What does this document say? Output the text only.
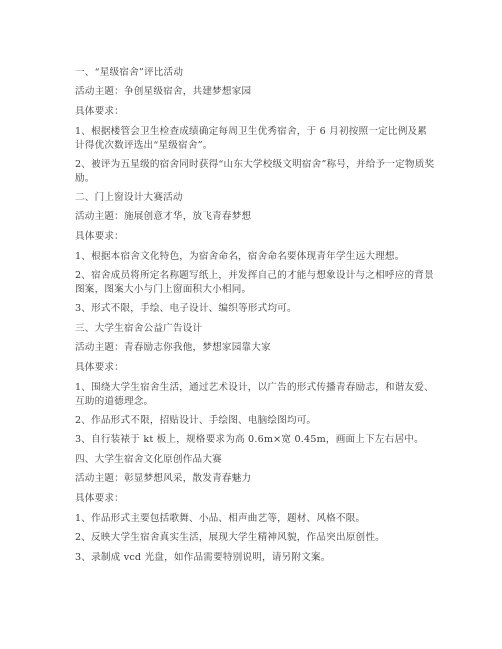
一、“星级宿舍”评比活动
活动主题：争创星级宿舍，共建梦想家园
具体要求：
1、根据楼管会卫生检查成绩确定每周卫生优秀宿舍，于 6 月初按照一定比例及累计得优次数评选出“星级宿舍”。
2、被评为五星级的宿舍同时获得“山东大学校级文明宿舍”称号，并给予一定物质奖励。
二、门上窗设计大赛活动
活动主题：施展创意才华，放飞青春梦想
具体要求：
1、根据本宿舍文化特色，为宿舍命名，宿舍命名要体现青年学生远大理想。
2、宿舍成员将所定名称题写纸上，并发挥自己的才能与想象设计与之相呼应的背景图案，图案大小与门上窗面积大小相同。
3、形式不限，手绘、电子设计、编织等形式均可。
三、大学生宿舍公益广告设计
活动主题：青春励志你我他，梦想家园靠大家
具体要求：
1、围绕大学生宿舍生活，通过艺术设计，以广告的形式传播青春励志，和谐友爱、互助的道德理念。
2、作品形式不限，招贴设计、手绘图、电脑绘图均可。
3、自行装裱于 kt 板上，规格要求为高 0.6m×宽 0.45m，画面上下左右居中。
四、大学生宿舍文化原创作品大赛
活动主题：彰显梦想风采，散发青春魅力
具体要求：
1、作品形式主要包括歌舞、小品、相声曲艺等，题材、风格不限。
2、反映大学生宿舍真实生活，展现大学生精神风貌，作品突出原创性。
3、录制成 vcd 光盘，如作品需要特别说明，请另附文案。
